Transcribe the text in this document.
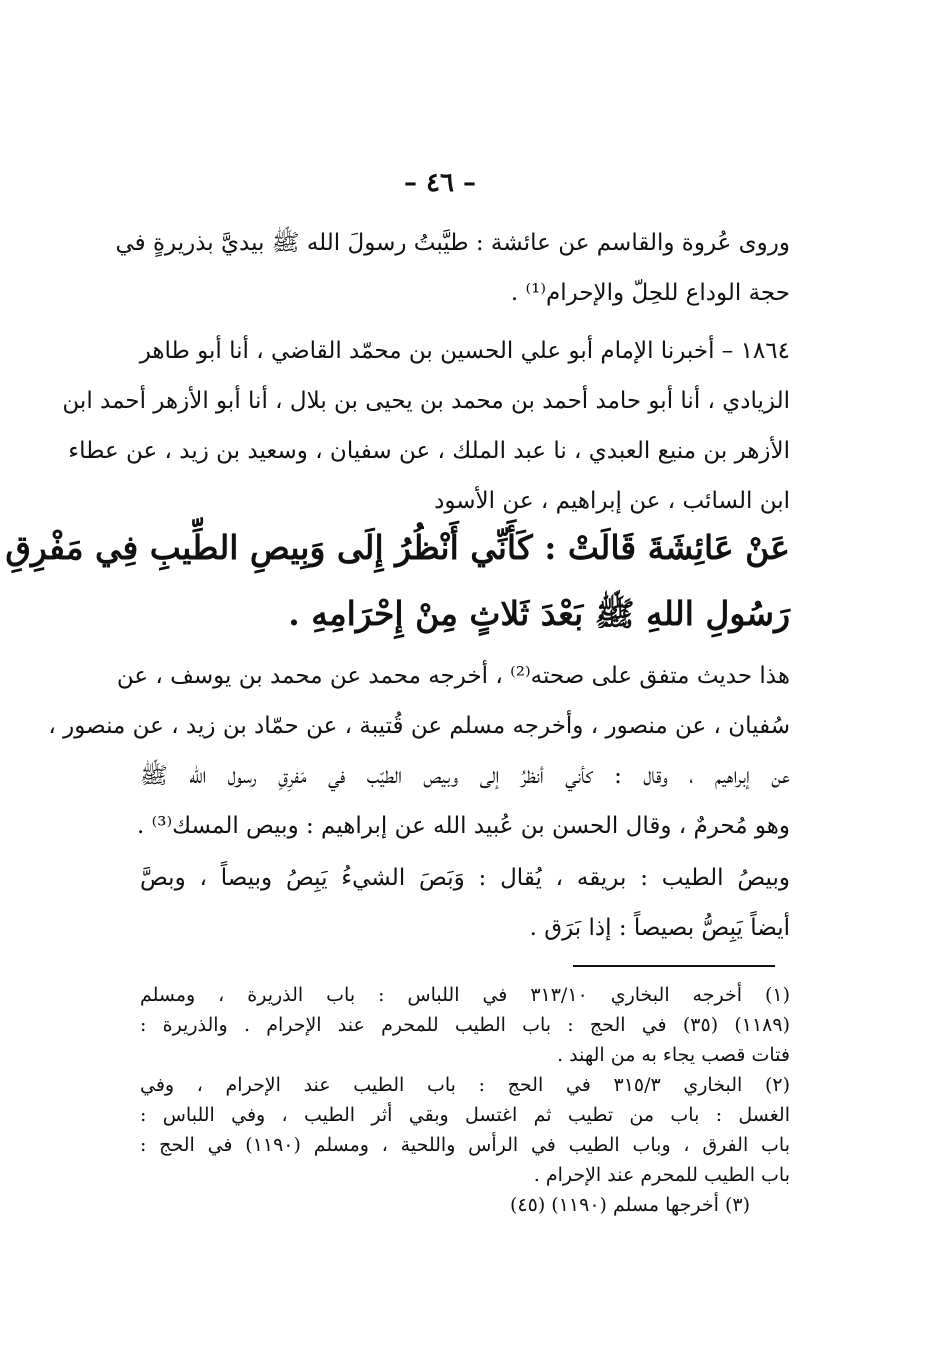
– ٤٦ –
وروى عُروة والقاسم عن عائشة : طيَّبتُ رسولَ الله ﷺ بيديَّ بذريرةٍ في
حجة الوداع للحِلّ والإحرام⁽¹⁾ .
١٨٦٤ – أخبرنا الإمام أبو علي الحسين بن محمّد القاضي ، أنا أبو طاهر
الزيادي ، أنا أبو حامد أحمد بن محمد بن يحيى بن بلال ، أنا أبو الأزهر أحمد ابن
الأزهر بن منيع العبدي ، نا عبد الملك ، عن سفيان ، وسعيد بن زيد ، عن عطاء
ابن السائب ، عن إبراهيم ، عن الأسود
عَنْ عَائِشَةَ قَالَتْ : كَأَنِّي أَنْظُرُ إِلَى وَبِيصِ الطِّيبِ فِي مَفْرِقِ
رَسُولِ اللهِ ﷺ بَعْدَ ثَلاثٍ مِنْ إِحْرَامِهِ .
هذا حديث متفق على صحته⁽²⁾ ، أخرجه محمد عن محمد بن يوسف ، عن
سُفيان ، عن منصور ، وأخرجه مسلم عن قُتيبة ، عن حمّاد بن زيد ، عن منصور ،
عن إبراهيم ، وقال : كأني أنظرُ إلى وبيص الطيّب في مَفرِقِ رسول الله ﷺ
وهو مُحرمٌ ، وقال الحسن بن عُبيد الله عن إبراهيم : وبيص المسك⁽³⁾ .
وبيصُ الطيب : بريقه ، يُقال : وَبَصَ الشيءُ يَبِصُ وبيصاً ، وبصَّ
أيضاً يَبِصُّ بصيصاً : إذا بَرَق .
(١) أخرجه البخاري ٣١٣/١٠ في اللباس : باب الذريرة ، ومسلم
(١١٨٩) (٣٥) في الحج : باب الطيب للمحرم عند الإحرام . والذريرة :
فتات قصب يجاء به من الهند .
(٢) البخاري ٣١٥/٣ في الحج : باب الطيب عند الإحرام ، وفي
الغسل : باب من تطيب ثم اغتسل وبقي أثر الطيب ، وفي اللباس :
باب الفرق ، وباب الطيب في الرأس واللحية ، ومسلم (١١٩٠) في الحج :
باب الطيب للمحرم عند الإحرام .
(٣) أخرجها مسلم (١١٩٠) (٤٥)
